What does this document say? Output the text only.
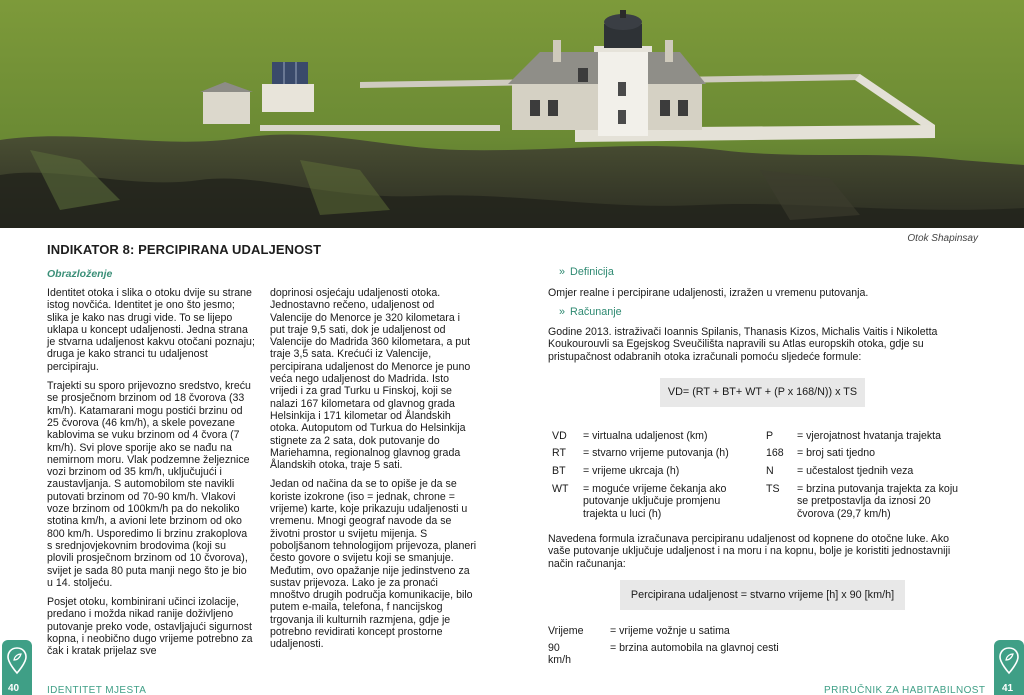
Otok Shapinsay
INDIKATOR 8: PERCIPIRANA UDALJENOST
Obrazloženje

Identitet otoka i slika o otoku dvije su strane istog novčića. Identitet je ono što jesmo; slika je kako nas drugi vide. To se lijepo uklapa u koncept udaljenosti. Jedna strana je stvarna udaljenost kakvu otočani poznaju; druga je kako stranci tu udaljenost percipiraju.

Trajekti su sporo prijevozno sredstvo, kreću se prosječnom brzinom od 18 čvorova (33 km/h). Katamarani mogu postići brzinu od 25 čvorova (46 km/h), a skele povezane kablovima se vuku brzinom od 4 čvora (7 km/h). Svi plove sporije ako se nađu na nemirnom moru. Vlak podzemne željeznice vozi brzinom od 35 km/h, uključujući i zaustavljanja. S automobilom ste navikli putovati brzinom od 70-90 km/h. Vlakovi voze brzinom od 100km/h pa do nekoliko stotina km/h, a avioni lete brzinom od oko 800 km/h. Usporedimo li brzinu zrakoplova s srednjovjekovnim brodovima (koji su plovili prosječnom brzinom od 10 čvorova), svijet je sada 80 puta manji nego što je bio u 14. stoljeću.

Posjet otoku, kombinirani učinci izolacije, predano i možda nikad ranije doživljeno putovanje preko vode, ostavljajući sigurnost kopna, i neobično dugo vrijeme potrebno za čak i kratak prijelaz sve

doprinosi osjećaju udaljenosti otoka. Jednostavno rečeno, udaljenost od Valencije do Menorce je 320 kilometara i put traje 9,5 sati, dok je udaljenost od Valencije do Madrida 360 kilometara, a put traje 3,5 sata. Krećući iz Valencije, percipirana udaljenost do Menorce je puno veća nego udaljenost do Madrida. Isto vrijedi i za grad Turku u Finskoj, koji se nalazi 167 kilometara od glavnog grada Helsinkija i 171 kilometar od Ålandskih otoka. Autoputom od Turkua do Helsinkija stignete za 2 sata, dok putovanje do Mariehamna, regionalnog glavnog grada Ålandskih otoka, traje 5 sati.

Jedan od načina da se to opiše je da se koriste izokrone (iso = jednak, chrone = vrijeme) karte, koje prikazuju udaljenosti u vremenu. Mnogi geograf navode da se životni prostor u svijetu mijenja. S poboljšanom tehnologijom prijevoza, planeri često govore o svijetu koji se smanjuje. Međutim, ovo opažanje nije jedinstveno za sustav prijevoza. Lako je za pronaći mnoštvo drugih područja komunikacije, bilo putem e-maila, telefona, f nancijskog trgovanja ili kulturnih razmjena, gdje je potrebno revidirati koncept prostorne udaljenosti.

» Definicija
Omjer realne i percipirane udaljenosti, izražen u vremenu putovanja.
» Računanje
Godine 2013. istraživači Ioannis Spilanis, Thanasis Kizos, Michalis Vaitis i Nikoletta Koukourouvli sa Egejskog Sveučilišta napravili su Atlas europskih otoka, gdje su pristupačnost odabranih otoka izračunali pomoću sljedeće formule:
VD= (RT + BT+ WT + (P x 168/N)) x TS
VD = virtualna udaljenost (km)
RT = stvarno vrijeme putovanja (h)
BT = vrijeme ukrcaja (h)
WT = moguće vrijeme čekanja ako putovanje uključuje promjenu trajekta u luci (h)
P = vjerojatnost hvatanja trajekta
168 = broj sati tjedno
N = učestalost tjednih veza
TS = brzina putovanja trajekta za koju se pretpostavlja da iznosi 20 čvorova (29,7 km/h)
Navedena formula izračunava percipiranu udaljenost od kopnene do otočne luke. Ako vaše putovanje uključuje udaljenost i na moru i na kopnu, bolje je koristiti jednostavniji način računanja:
Percipirana udaljenost = stvarno vrijeme [h] x 90 [km/h]
Vrijeme = vrijeme vožnje u satima
90 km/h
= brzina automobila na glavnoj cesti
40	IDENTITET MJESTA	41
PRIRUČNIK ZA HABITABILNOST
